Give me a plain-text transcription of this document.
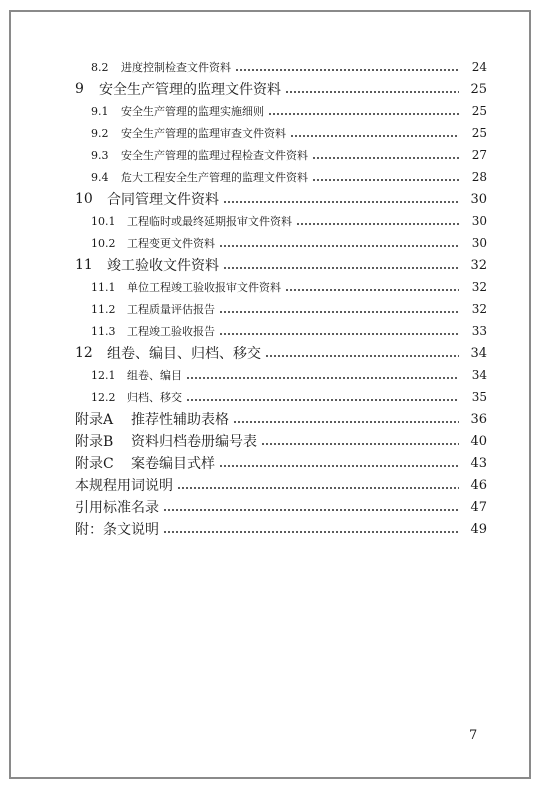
8.2	进度控制检查文件资料	24
9	安全生产管理的监理文件资料	25
9.1	安全生产管理的监理实施细则	25
9.2	安全生产管理的监理审查文件资料	25
9.3	安全生产管理的监理过程检查文件资料	27
9.4	危大工程安全生产管理的监理文件资料	28
10	合同管理文件资料	30
10.1	工程临时或最终延期报审文件资料	30
10.2	工程变更文件资料	30
11	竣工验收文件资料	32
11.1	单位工程竣工验收报审文件资料	32
11.2	工程质量评估报告	32
11.3	工程竣工验收报告	33
12	组卷、编目、归档、移交	34
12.1	组卷、编目	34
12.2	归档、移交	35
附录A	推荐性辅助表格	36
附录B	资料归档卷册编号表	40
附录C	案卷编目式样	43
本规程用词说明	46
引用标准名录	47
附：条文说明	49
7
